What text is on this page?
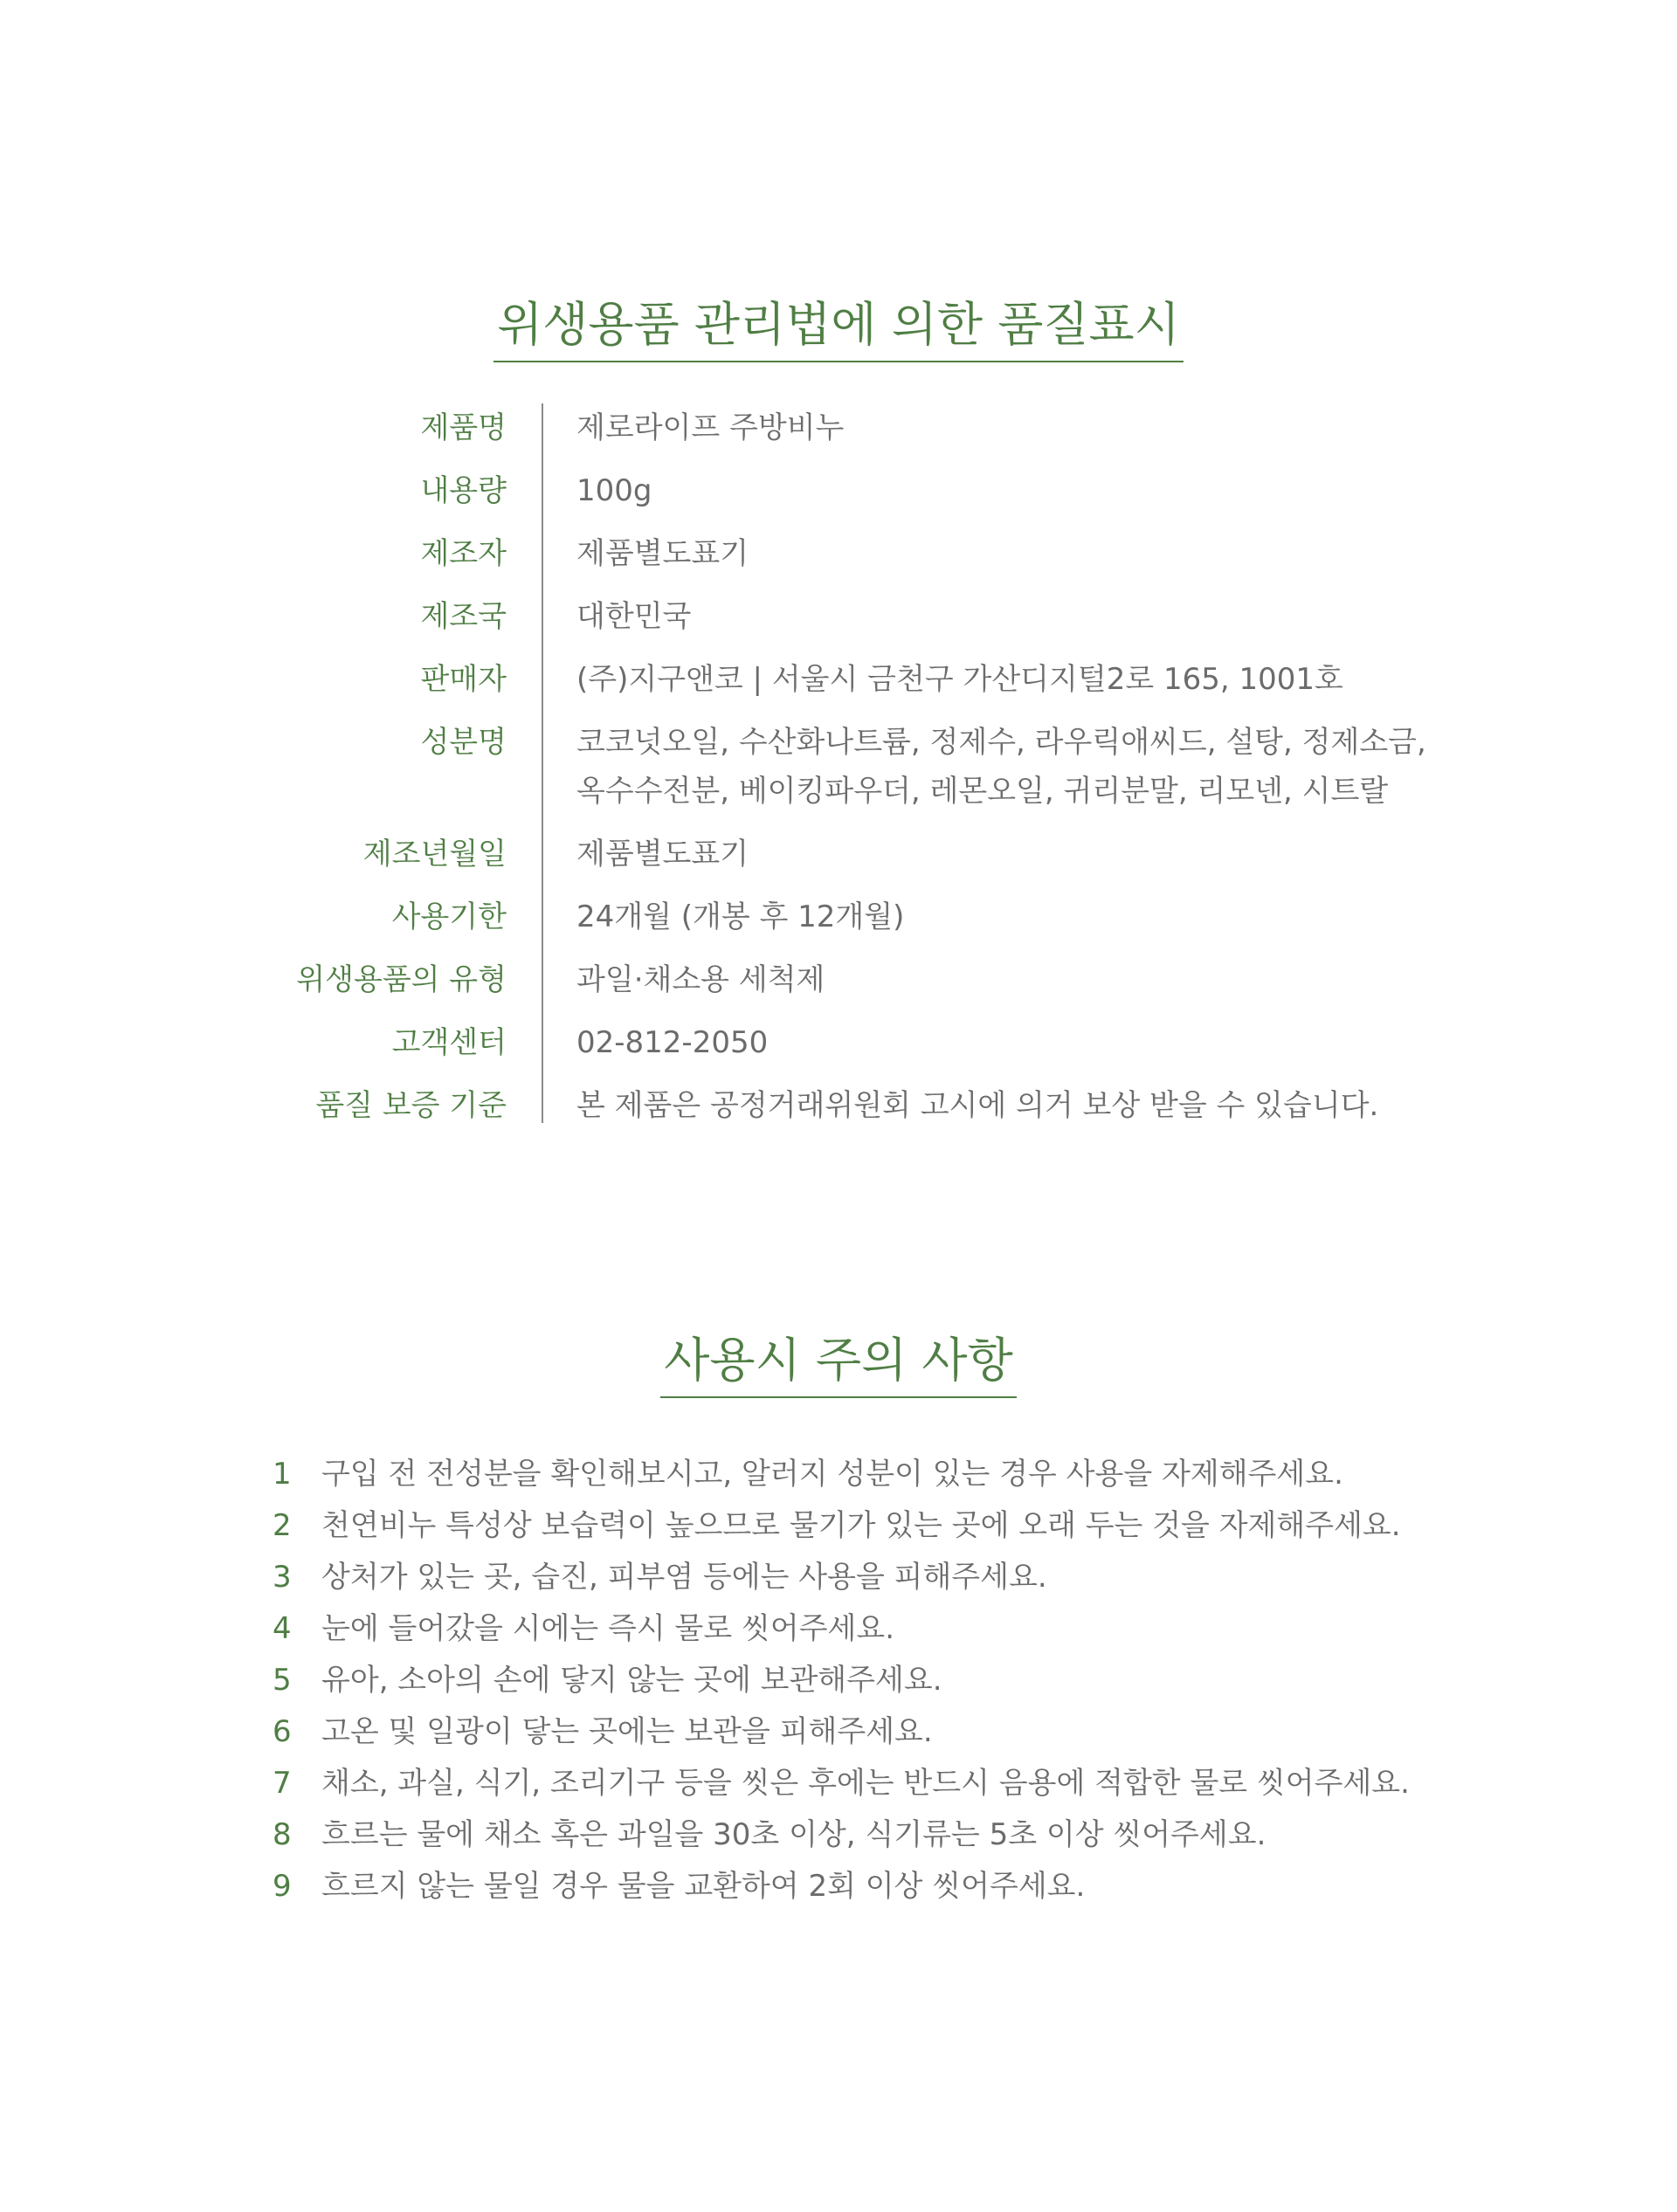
위생용품 관리법에 의한 품질표시
제품명 제로라이프 주방비누
내용량 100g
제조자 제품별도표기
제조국 대한민국
판매자 (주)지구앤코 | 서울시 금천구 가산디지털2로 165, 1001호
성분명 코코넛오일, 수산화나트륨, 정제수, 라우릭애씨드, 설탕, 정제소금,
옥수수전분, 베이킹파우더, 레몬오일, 귀리분말, 리모넨, 시트랄
제조년월일 제품별도표기
사용기한 24개월 (개봉 후 12개월)
위생용품의 유형 과일·채소용 세척제
고객센터 02-812-2050
품질 보증 기준 본 제품은 공정거래위원회 고시에 의거 보상 받을 수 있습니다.
사용시 주의 사항
1 구입 전 전성분을 확인해보시고, 알러지 성분이 있는 경우 사용을 자제해주세요.
2 천연비누 특성상 보습력이 높으므로 물기가 있는 곳에 오래 두는 것을 자제해주세요.
3 상처가 있는 곳, 습진, 피부염 등에는 사용을 피해주세요.
4 눈에 들어갔을 시에는 즉시 물로 씻어주세요.
5 유아, 소아의 손에 닿지 않는 곳에 보관해주세요.
6 고온 및 일광이 닿는 곳에는 보관을 피해주세요.
7 채소, 과실, 식기, 조리기구 등을 씻은 후에는 반드시 음용에 적합한 물로 씻어주세요.
8 흐르는 물에 채소 혹은 과일을 30초 이상, 식기류는 5초 이상 씻어주세요.
9 흐르지 않는 물일 경우 물을 교환하여 2회 이상 씻어주세요.
